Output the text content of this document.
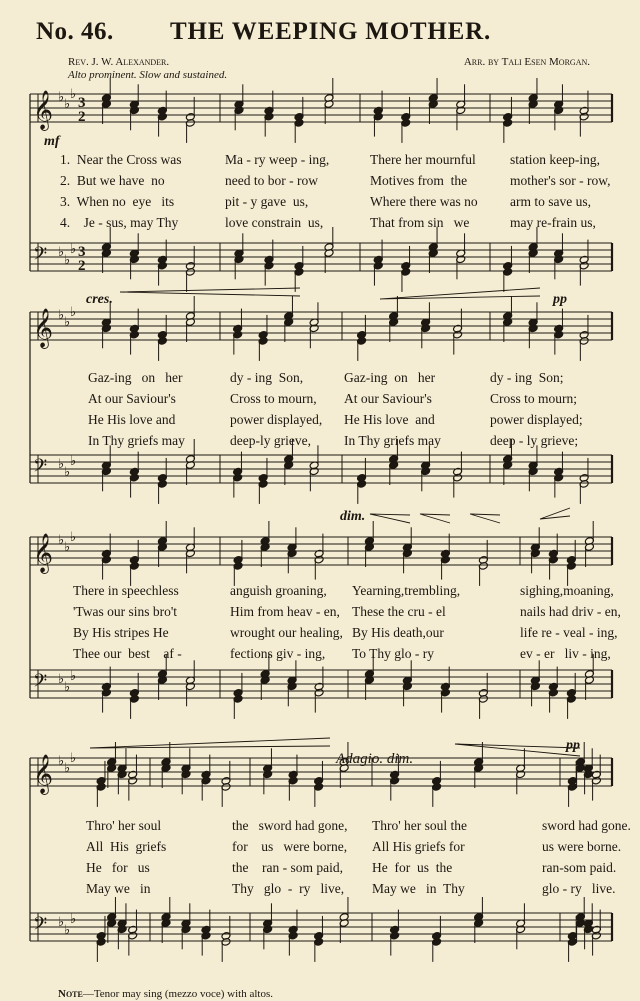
No. 46. THE WEEPING MOTHER.
Rev. J. W. Alexander.	Arr. by Tali Esen Morgan.
Alto prominent. Slow and sustained.
mf
cres.	pp
dim.
Adagio. dim.
pp
𝄞 ♭ ♭
♭
3
2
𝄢 ♭
♭
♭ 3
2
𝄞 ♭ ♭
♭
𝄢 ♭
♭
♭
𝄞 ♭ ♭
♭
𝄢 ♭
♭
♭
𝄞 ♭ ♭
♭
𝄢 ♭
♭
♭
1.  Near the Cross was	Ma - ry weep - ing,	There her mournful	station keep-ing,
2.  But we have  no	need to bor - row	Motives from  the	mother's sor - row,
3.  When no  eye   its	pit - y gave  us,	Where there was no arm to save us,
4.    Je - sus, may Thy	love constrain  us,	That from sin   we	may re-frain us,
Gaz-ing   on   her	dy - ing  Son,	Gaz-ing  on   her	dy - ing  Son;
At our Saviour's	Cross to mourn, At our Saviour's	Cross to mourn;
He His love and	power displayed, He His love  and	power displayed;
In Thy griefs may	deep-ly grieve, In Thy griefs may	deep - ly grieve;
There in speechless	anguish groaning, Yearning,trembling,	sighing,moaning,
'Twas our sins bro't	Him from heav - en, These the cru - el	nails had driv - en,
By His stripes He	wrought our healing, By His death,our	life re - veal - ing,
Thee our  best    af -	fections giv - ing, To Thy glo - ry	ev - er   liv - ing,
Thro' her soul	the   sword had gone, Thro' her soul the	sword had gone.
All  His  griefs	for    us   were borne, All His griefs for	us were borne.
He   for   us	the    ran - som paid, He  for  us  the	ran-som paid.
May we   in	Thy   glo  -  ry   live, May we   in  Thy	glo - ry   live.
Note—Tenor may sing (mezzo voce) with altos.
